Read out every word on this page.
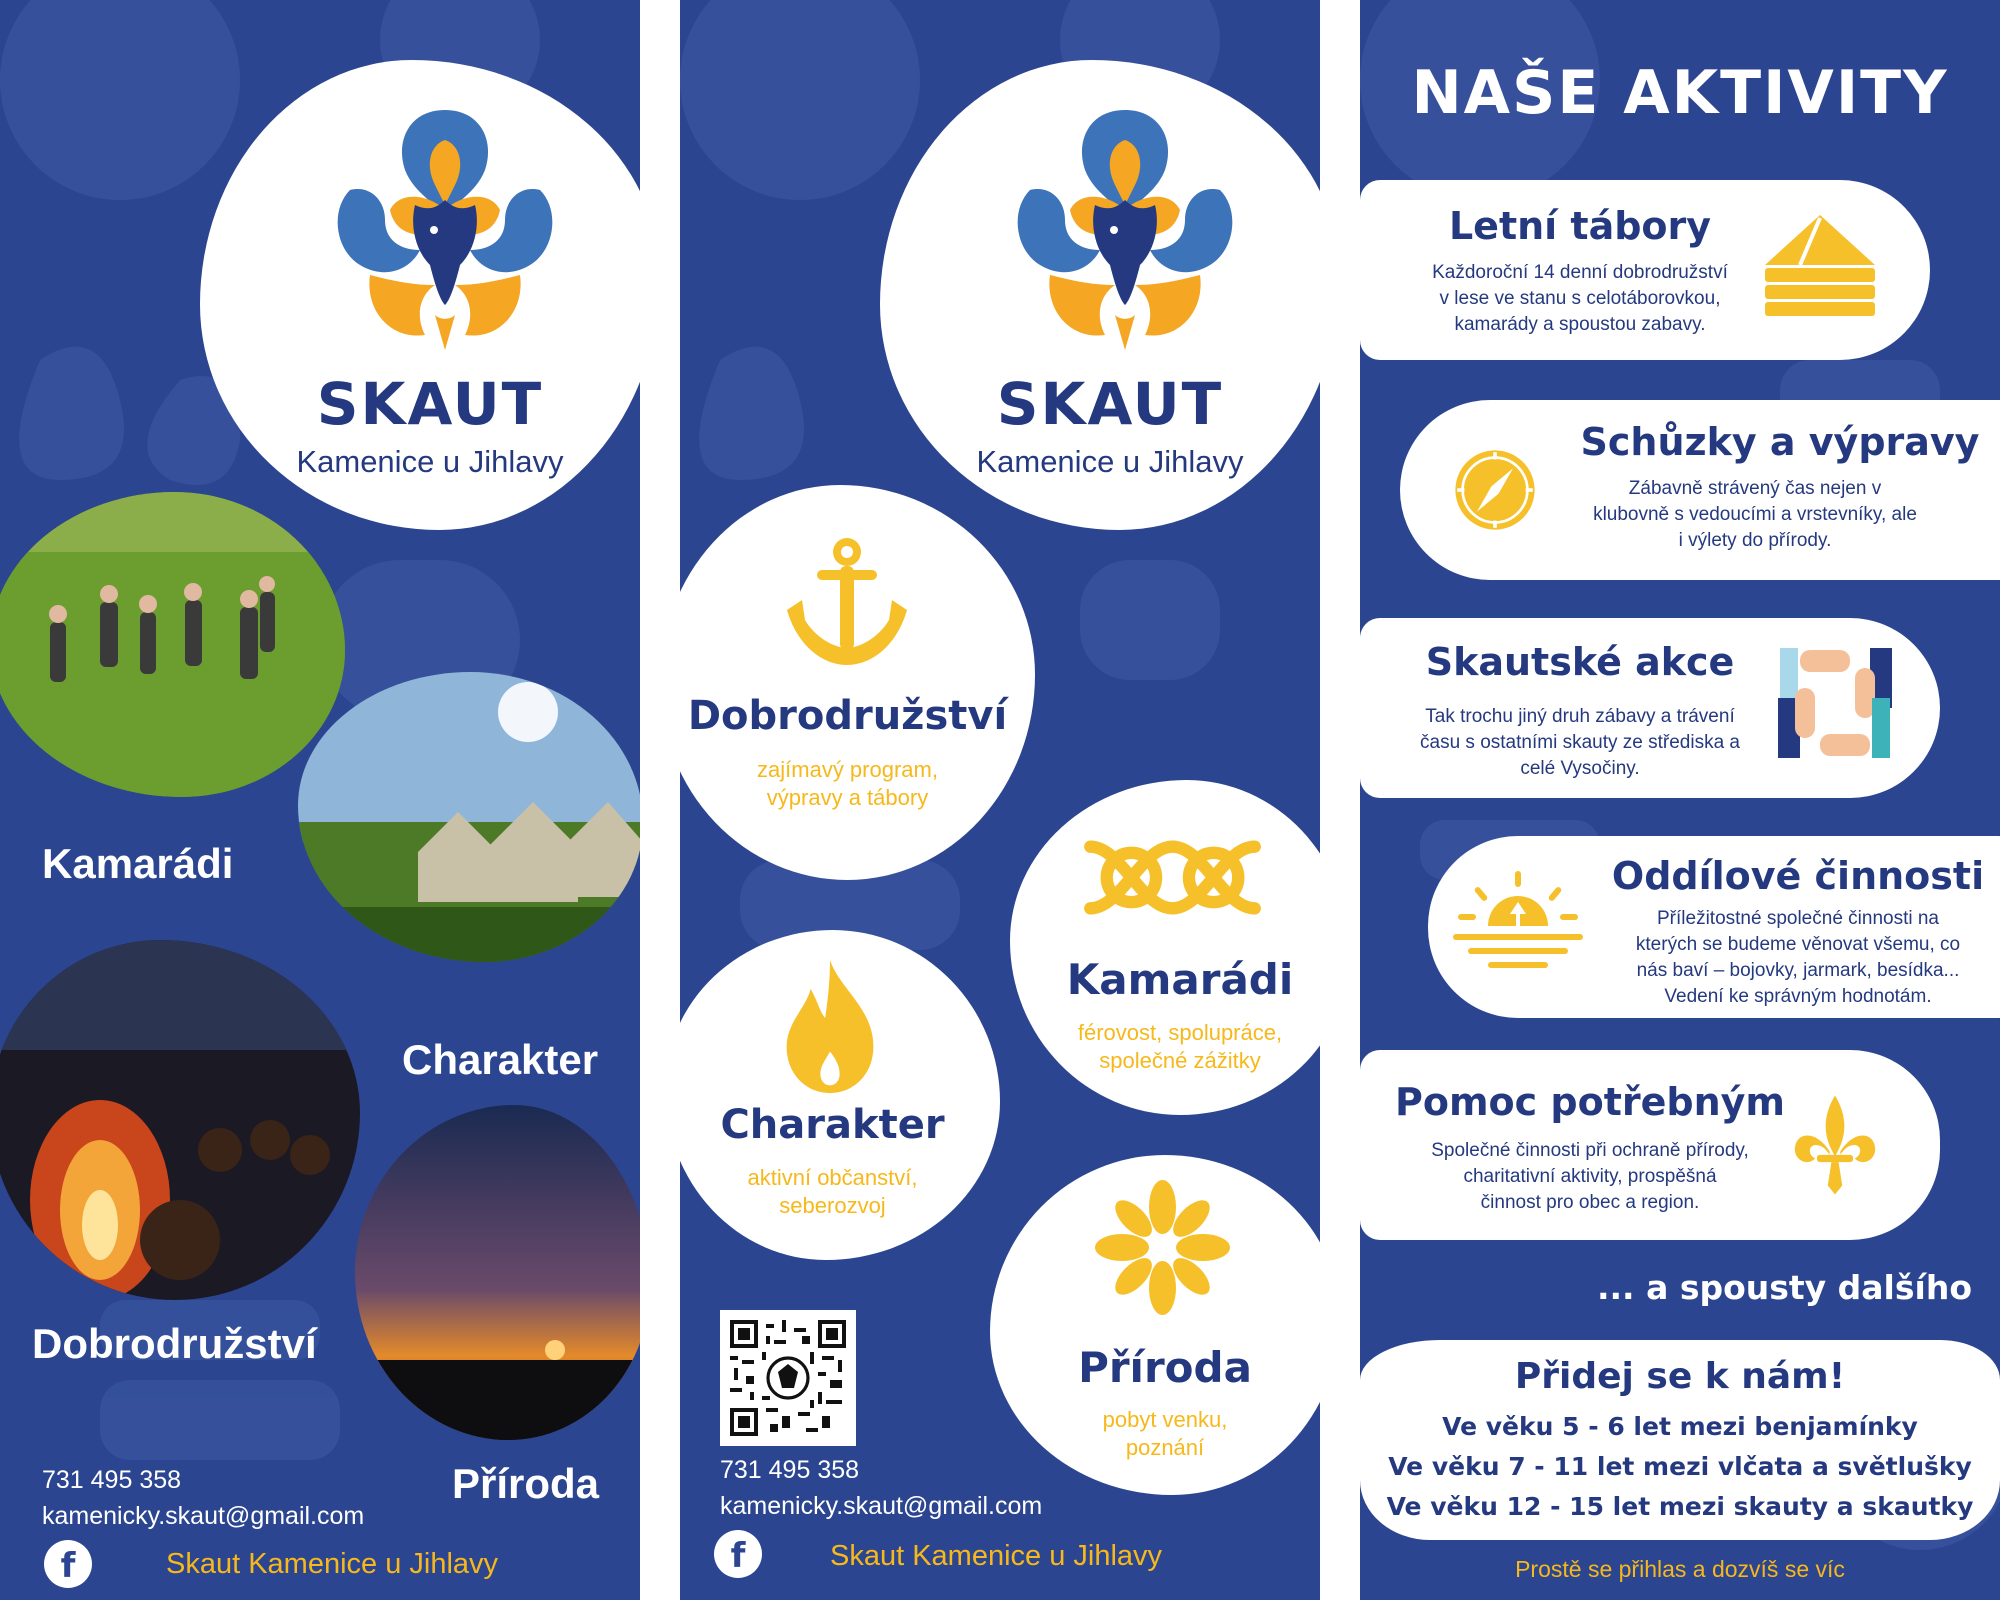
SKAUT
Kamenice u Jihlavy
Kamarádi
Charakter
Dobrodružství
Příroda
731 495 358
kamenicky.skaut@gmail.com
f	Skaut Kamenice u Jihlavy
SKAUT
Kamenice u Jihlavy
Dobrodružství
zajímavý program,
výpravy a tábory
Kamarádi
férovost, spolupráce,
společné zážitky
Charakter
aktivní občanství,
seberozvoj
Příroda
pobyt venku,
poznání
731 495 358
kamenicky.skaut@gmail.com
f	Skaut Kamenice u Jihlavy
NAŠE AKTIVITY
Letní tábory
Každoroční 14 denní dobrodružství
v lese ve stanu s celotáborovkou,
kamarády a spoustou zabavy.
Schůzky a výpravy
Zábavně strávený čas nejen v
klubovně s vedoucími a vrstevníky, ale
i výlety do přírody.
Skautské akce
Tak trochu jiný druh zábavy a trávení
času s ostatními skauty ze střediska a
celé Vysočiny.
Oddílové činnosti
Příležitostné společné činnosti na
kterých se budeme věnovat všemu, co
nás baví – bojovky, jarmark, besídka...
Vedení ke správným hodnotám.
Pomoc potřebným
Společné činnosti při ochraně přírody,
charitativní aktivity, prospěšná
činnost pro obec a region.
... a spousty dalšího
Přidej se k nám!
Ve věku 5 - 6 let mezi benjamínky
Ve věku 7 - 11 let mezi vlčata a světlušky
Ve věku 12 - 15 let mezi skauty a skautky
Prostě se přihlas a dozvíš se víc
